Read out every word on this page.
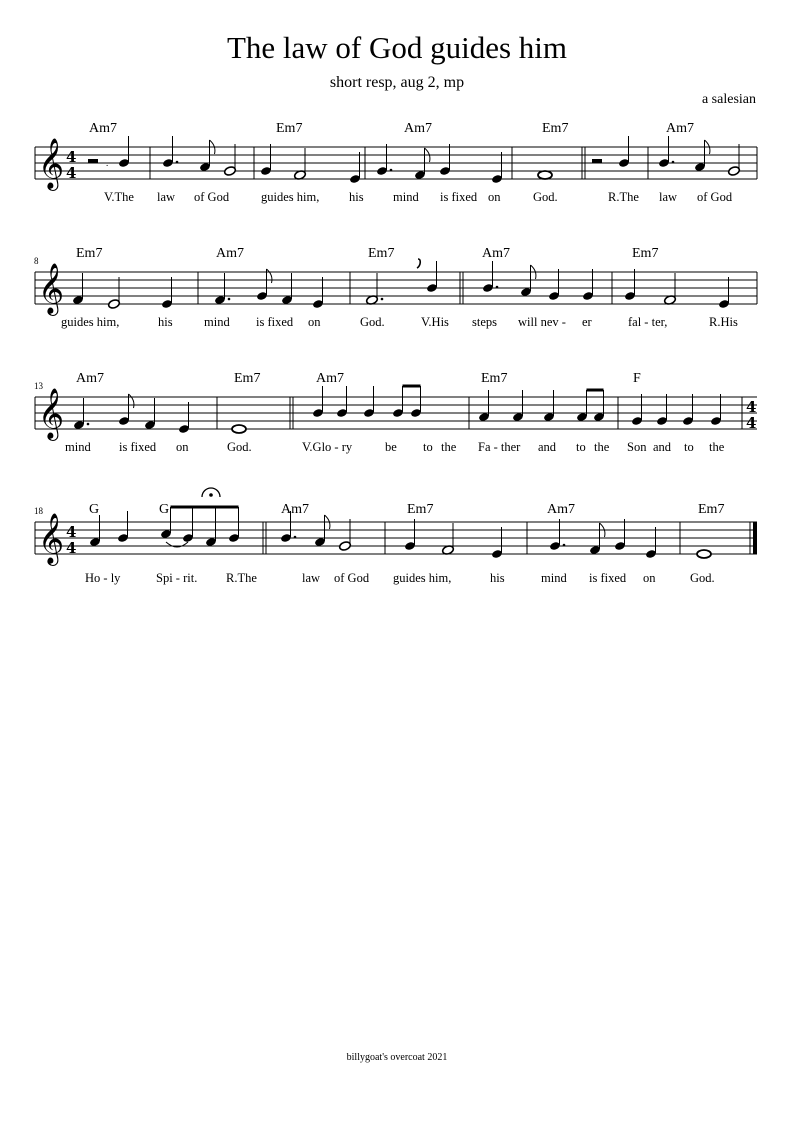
The law of God guides him
short resp, aug 2, mp
a salesian
𝄞 4
4
.
Am7	Em7	Am7	Em7	Am7
V.The law of God	guides him, his mind is fixed on	God.	R.The law of God
8
𝄞
Em7	Am7	Em7	Am7	Em7
guides him,	his	mind is fixed on	God.	V.His steps will nev - er	fal - ter,	R.His
13
𝄞	4
4
Am7	Em7	Am7	Em7	F
mind is fixed on	God.	V.Glo - ry	be to the Fa - ther and to the Son and to the
18
𝄞 4
4
G	G	Am7	Em7	Am7	Em7
Ho - ly	Spi - rit. R.The	law of God guides him,	his	mind is fixed on	God.
billygoat's overcoat 2021
